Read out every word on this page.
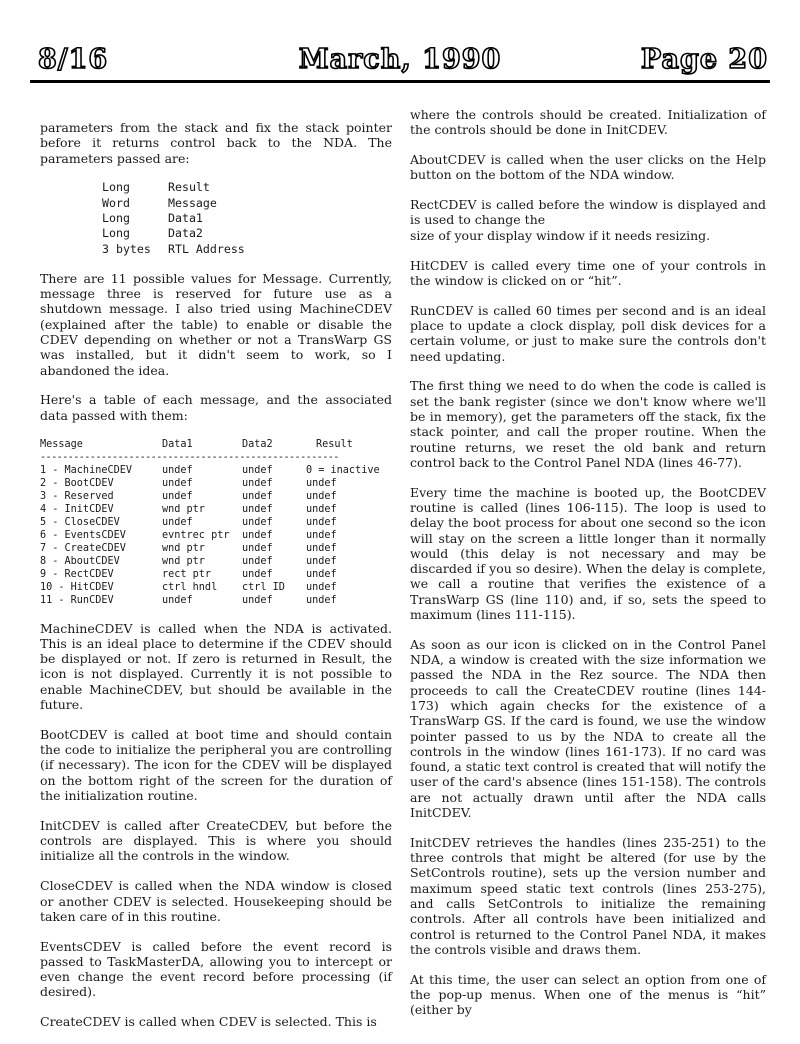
8/16	March, 1990	Page 20

parameters from the stack and fix the stack pointer before it returns control back to the NDA. The parameters passed are:

Long	Result
Word	Message
Long	Data1
Long	Data2
3 bytes	RTL Address

There are 11 possible values for Message. Currently, message three is reserved for future use as a shutdown message. I also tried using MachineCDEV (explained after the table) to enable or disable the CDEV depending on whether or not a TransWarp GS was installed, but it didn't seem to work, so I abandoned the idea.

Here's a table of each message, and the associated data passed with them:

Message	Data1	Data2	Result
------------------------------------------------------
1 - MachineCDEV	undef	undef	0 = inactive
2 - BootCDEV	undef	undef	undef
3 - Reserved	undef	undef	undef
4 - InitCDEV	wnd ptr	undef	undef
5 - CloseCDEV	undef	undef	undef
6 - EventsCDEV	evntrec ptr	undef	undef
7 - CreateCDEV	wnd ptr	undef	undef
8 - AboutCDEV	wnd ptr	undef	undef
9 - RectCDEV	rect ptr	undef	undef
10 - HitCDEV	ctrl hndl	ctrl ID	undef
11 - RunCDEV	undef	undef	undef

MachineCDEV is called when the NDA is activated. This is an ideal place to determine if the CDEV should be displayed or not. If zero is returned in Result, the icon is not displayed. Currently it is not possible to enable MachineCDEV, but should be available in the future.

BootCDEV is called at boot time and should contain the code to initialize the peripheral you are controlling (if necessary). The icon for the CDEV will be displayed on the bottom right of the screen for the duration of the initialization routine.

InitCDEV is called after CreateCDEV, but before the controls are displayed. This is where you should initialize all the controls in the window.

CloseCDEV is called when the NDA window is closed or another CDEV is selected. Housekeeping should be taken care of in this routine.

EventsCDEV is called before the event record is passed to TaskMasterDA, allowing you to intercept or even change the event record before processing (if desired).

CreateCDEV is called when CDEV is selected. This is

where the controls should be created. Initialization of the controls should be done in InitCDEV.

AboutCDEV is called when the user clicks on the Help button on the bottom of the NDA window.

RectCDEV is called before the window is displayed and is used to change the
size of your display window if it needs resizing.

HitCDEV is called every time one of your controls in the window is clicked on or “hit”.

RunCDEV is called 60 times per second and is an ideal place to update a clock display, poll disk devices for a certain volume, or just to make sure the controls don't need updating.

The first thing we need to do when the code is called is set the bank register (since we don't know where we'll be in memory), get the parameters off the stack, fix the stack pointer, and call the proper routine. When the routine returns, we reset the old bank and return control back to the Control Panel NDA (lines 46-77).

Every time the machine is booted up, the BootCDEV routine is called (lines 106-115). The loop is used to delay the boot process for about one second so the icon will stay on the screen a little longer than it normally would (this delay is not necessary and may be discarded if you so desire). When the delay is complete, we call a routine that verifies the existence of a TransWarp GS (line 110) and, if so, sets the speed to maximum (lines 111-115).

As soon as our icon is clicked on in the Control Panel NDA, a window is created with the size information we passed the NDA in the Rez source. The NDA then proceeds to call the CreateCDEV routine (lines 144-173) which again checks for the existence of a TransWarp GS. If the card is found, we use the window pointer passed to us by the NDA to create all the controls in the window (lines 161-173). If no card was found, a static text control is created that will notify the user of the card's absence (lines 151-158). The controls are not actually drawn until after the NDA calls InitCDEV.

InitCDEV retrieves the handles (lines 235-251) to the three controls that might be altered (for use by the SetControls routine), sets up the version number and maximum speed static text controls (lines 253-275), and calls SetControls to initialize the remaining controls. After all controls have been initialized and control is returned to the Control Panel NDA, it makes the controls visible and draws them.

At this time, the user can select an option from one of the pop-up menus. When one of the menus is “hit” (either by
